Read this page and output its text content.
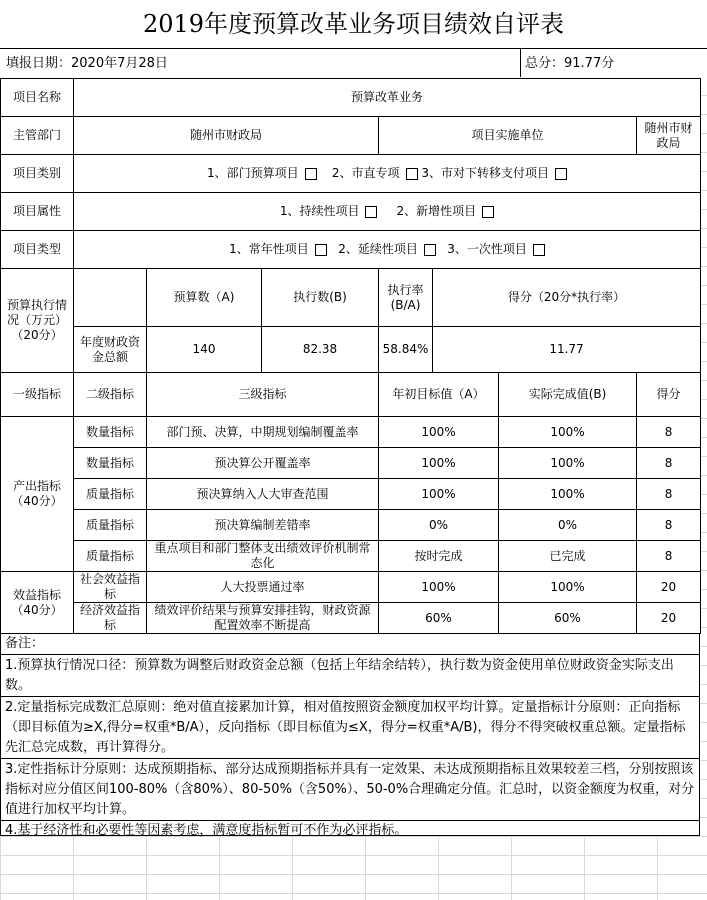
2019年度预算改革业务项目绩效自评表
填报日期：2020年7月28日	总分：91.77分
项目名称	预算改革业务						
主管部门	随州市财政局			项目实施单位			随州市财政局
项目类别	1、部门预算项目 2、市直专项 3、市对下转移支付项目						
项目属性	1、持续性项目 2、新增性项目						
项目类型	1、常年性项目 2、延续性项目 3、一次性项目						
预算执行情况（万元）（20分）		预算数（A)	执行数(B)	执行率(B/A)	得分（20分*执行率）		
	年度财政资金总额	140	82.38	58.84%	11.77		
一级指标	二级指标	三级指标		年初目标值（A）		实际完成值(B)	得分
产出指标（40分）	数量指标	部门预、决算，中期规划编制覆盖率		100%		100%	8
	数量指标	预决算公开覆盖率		100%		100%	8
	质量指标	预决算纳入人大审查范围		100%		100%	8
	质量指标	预决算编制差错率		0%		0%	8
	质量指标	重点项目和部门整体支出绩效评价机制常态化		按时完成		已完成	8
效益指标（40分）	社会效益指标	人大投票通过率		100%		100%	20
	经济效益指标	绩效评价结果与预算安排挂钩，财政资源配置效率不断提高		60%		60%	20

备注：

1.预算执行情况口径：预算数为调整后财政资金总额（包括上年结余结转），执行数为资金使用单位财政资金实际支出数。

2.定量指标完成数汇总原则：绝对值直接累加计算，相对值按照资金额度加权平均计算。定量指标计分原则：正向指标（即目标值为≥X,得分=权重*B/A），反向指标（即目标值为≤X，得分=权重*A/B)，得分不得突破权重总额。定量指标先汇总完成数，再计算得分。

3.定性指标计分原则：达成预期指标、部分达成预期指标并具有一定效果、未达成预期指标且效果较差三档，分别按照该指标对应分值区间100-80%（含80%）、80-50%（含50%）、50-0%合理确定分值。汇总时，以资金额度为权重，对分值进行加权平均计算。

4.基于经济性和必要性等因素考虑，满意度指标暂可不作为必评指标。
